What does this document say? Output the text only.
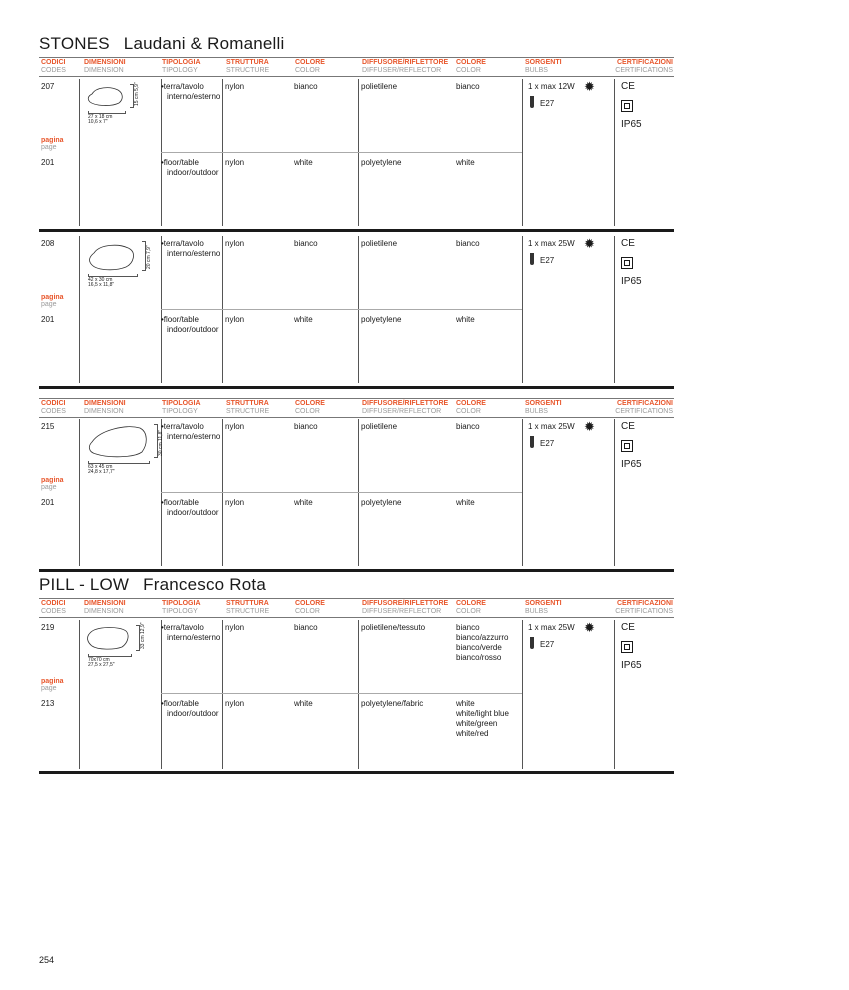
STONES Laudani & Romanelli
PILL - LOW Francesco Rota
CODICI
CODES
DIMENSIONI
DIMENSION
TIPOLOGIA
TIPOLOGY
STRUTTURA
STRUCTURE
COLORE
COLOR
DIFFUSORE/RIFLETTORE
DIFFUSER/REFLECTOR
COLORE
COLOR
SORGENTI
BULBS
CERTIFICAZIONI
CERTIFICATIONS
CODICI
CODES
DIMENSIONI
DIMENSION
TIPOLOGIA
TIPOLOGY
STRUTTURA
STRUCTURE
COLORE
COLOR
DIFFUSORE/RIFLETTORE
DIFFUSER/REFLECTOR
COLORE
COLOR
SORGENTI
BULBS
CERTIFICAZIONI
CERTIFICATIONS
CODICI
CODES
DIMENSIONI
DIMENSION
TIPOLOGIA
TIPOLOGY
STRUTTURA
STRUCTURE
COLORE
COLOR
DIFFUSORE/RIFLETTORE
DIFFUSER/REFLECTOR
COLORE
COLOR
SORGENTI
BULBS
CERTIFICAZIONI
CERTIFICATIONS
207
pagina
page
201
15 cm 5,9"
27 x 18 cm
10,6 x 7"
•terra/tavolo
interno/esterno
•floor/table
indoor/outdoor
nylon
nylon
bianco
white
polietilene
polyetylene
bianco
white
1 x max 12W ✹
E27
CE
IP65
208
pagina
page
201
20 cm 7,9"
42 x 30 cm
16,5 x 11,8"
•terra/tavolo
interno/esterno
•floor/table
indoor/outdoor
nylon
nylon
bianco
white
polietilene
polyetylene
bianco
white
1 x max 25W ✹
E27
CE
IP65
215
pagina
page
201
30 cm 11,8"
63 x 45 cm
24,8 x 17,7"
•terra/tavolo
interno/esterno
•floor/table
indoor/outdoor
nylon
nylon
bianco
white
polietilene
polyetylene
bianco
white
1 x max 25W ✹
E27
CE
IP65
219
pagina
page
213
33 cm 12,9"
70x70 cm
27,5 x 27,5"
•terra/tavolo
interno/esterno
•floor/table
indoor/outdoor
nylon
nylon
bianco
white
polietilene/tessuto
polyetylene/fabric
bianco
bianco/azzurro
bianco/verde
bianco/rosso
white
white/light blue
white/green
white/red
1 x max 25W ✹
E27
CE
IP65
254
